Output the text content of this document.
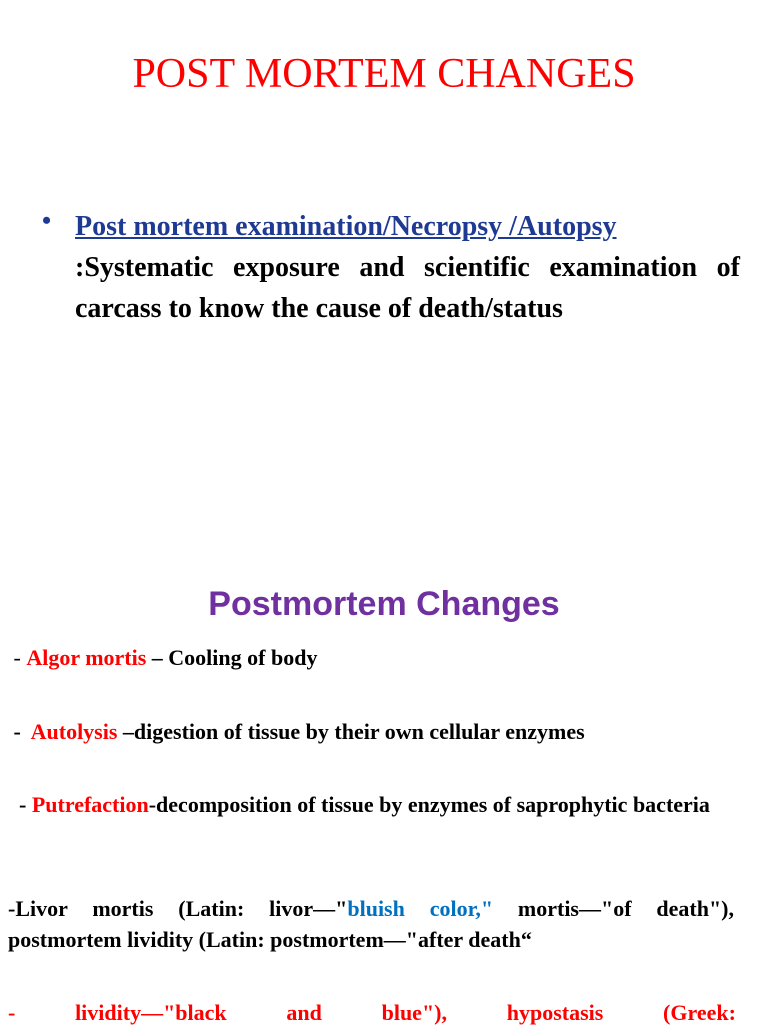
POST MORTEM CHANGES
• Post mortem examination/Necropsy /Autopsy
:Systematic exposure and scientific examination of carcass to know the cause of death/status
Postmortem Changes
- Algor mortis – Cooling of body
-  Autolysis –digestion of tissue by their own cellular enzymes
- Putrefaction-decomposition of tissue by enzymes of saprophytic bacteria
-Livor mortis (Latin: livor—"bluish color," mortis—"of death"), postmortem lividity (Latin: postmortem—"after death“
-	lividity—"black	and	blue"),	hypostasis	(Greek:
